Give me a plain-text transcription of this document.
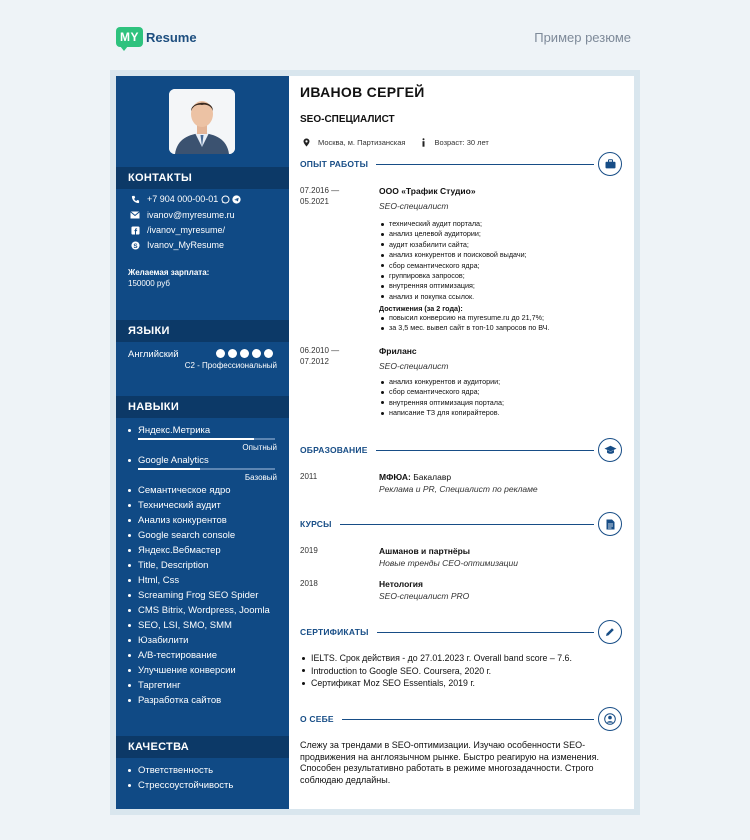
MY Resume	Пример резюме
КОНТАКТЫ
+7 904 000-00-01
ivanov@myresume.ru
/ivanov_myresume/
S Ivanov_MyResume
Желаемая зарплата:
150000 руб
ЯЗЫКИ
Английский
C2 - Профессиональный
НАВЫКИ
Яндекс.Метрика
Опытный
Google Analytics
Базовый
Семантическое ядро
Технический аудит
Анализ конкурентов
Google search console
Яндекс.Вебмастер
Title, Description
Html, Css
Screaming Frog SEO Spider
CMS Bitrix, Wordpress, Joomla
SEO, LSI, SMO, SMM
Юзабилити
A/B-тестирование
Улучшение конверсии
Таргетинг
Разработка сайтов
КАЧЕСТВА
Ответственность
Стрессоустойчивость
ИВАНОВ СЕРГЕЙ
SEO-СПЕЦИАЛИСТ
Москва, м. Партизанская	Возраст: 30 лет
ОПЫТ РАБОТЫ
07.2016 —
05.2021
ООО «Трафик Студио»
SEO-специалист
технический аудит портала;
анализ целевой аудитории;
аудит юзабилити сайта;
анализ конкурентов и поисковой выдачи;
сбор семантического ядра;
группировка запросов;
внутренняя оптимизация;
анализ и покупка ссылок.
Достижения (за 2 года):
повысил конверсию на myresume.ru до 21,7%;
за 3,5 мес. вывел сайт в топ-10 запросов по ВЧ.
06.2010 —
07.2012
Фриланс
SEO-специалист
анализ конкурентов и аудитории;
сбор семантического ядра;
внутренняя оптимизация портала;
написание ТЗ для копирайтеров.
ОБРАЗОВАНИЕ
2011	МФЮА: Бакалавр
Реклама и PR, Специалист по рекламе
КУРСЫ
2019	Ашманов и партнёры
Новые тренды СЕО-оптимизации
2018	Нетология
SEO-специалист PRO
СЕРТИФИКАТЫ
IELTS. Срок действия - до 27.01.2023 г. Overall band score – 7.6.
Introduction to Google SEO. Coursera, 2020 г.
Сертификат Moz SEO Essentials, 2019 г.
О СЕБЕ
Слежу за трендами в SEO-оптимизации. Изучаю особенности SEO-продвижения на англоязычном рынке. Быстро реагирую на изменения. Способен результативно работать в режиме многозадачности. Строго соблюдаю дедлайны.
